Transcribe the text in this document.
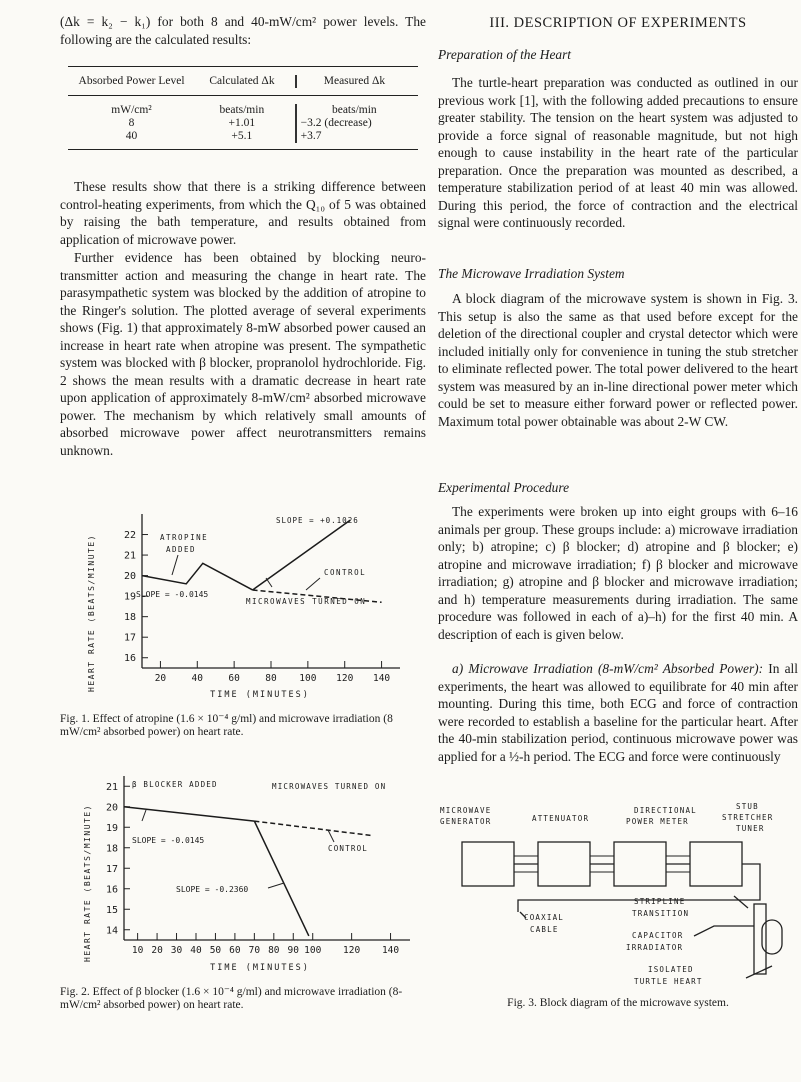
(Δk = k₂ − k₁) for both 8 and 40-mW/cm² power levels. The following are the calculated results:

Absorbed Power Level	Calculated Δk	Measured Δk
mW/cm²	beats/min	beats/min
8	+1.01	−3.2 (decrease)
40	+5.1	+3.7

These results show that there is a striking difference between control-heating experiments, from which the Q₁₀ of 5 was obtained by raising the bath temperature, and results obtained from application of microwave power.

Further evidence has been obtained by blocking neuro-transmitter action and measuring the change in heart rate. The parasympathetic system was blocked by the addition of atropine to the Ringer's solution. The plotted average of several experiments shows (Fig. 1) that approximately 8-mW absorbed power caused an increase in heart rate when atropine was present. The sympathetic system was blocked with β blocker, propranolol hydrochloride. Fig. 2 shows the mean results with a dramatic decrease in heart rate upon application of approximately 8-mW/cm² absorbed microwave power. The mechanism by which relatively small amounts of absorbed microwave power affect neurotransmitters remains unknown.

Fig. 1. Effect of atropine (1.6 × 10⁻⁴ g/ml) and microwave irradiation (8 mW/cm² absorbed power) on heart rate.
Fig. 2. Effect of β blocker (1.6 × 10⁻⁴ g/ml) and microwave irradiation (8-mW/cm² absorbed power) on heart rate.
16
17
18
19
20
21
22
20	40	60	80 100 120 140
HEART RATE (BEATS/MINUTE)
TIME (MINUTES)
ATROPINE
ADDED
SLOPE = -0.0145
MICROWAVES TURNED ON
CONTROL
SLOPE = +0.1026
14
15
16
17
18
19
20
21
10 20 30 40 50 60 70 80 90 100 120 140
HEART RATE (BEATS/MINUTE)
TIME (MINUTES)
β BLOCKER ADDED	MICROWAVES TURNED ON
SLOPE = -0.0145
CONTROL
SLOPE = -0.2360
III. DESCRIPTION OF EXPERIMENTS
Preparation of the Heart

The turtle-heart preparation was conducted as outlined in our previous work [1], with the following added precautions to ensure greater stability. The tension on the heart system was adjusted to provide a force signal of reasonable magnitude, but not high enough to cause instability in the heart rate of the particular preparation. Once the preparation was mounted as described, a temperature stabilization period of at least 40 min was allowed. During this period, the force of contraction and the electrical signal were continuously recorded.

The Microwave Irradiation System

A block diagram of the microwave system is shown in Fig. 3. This setup is also the same as that used before except for the deletion of the directional coupler and crystal detector which were included initially only for convenience in tuning the stub stretcher to eliminate reflected power. The total power delivered to the heart system was measured by an in-line directional power meter which could be set to measure either forward power or reflected power. Maximum total power obtainable was about 2-W CW.

Experimental Procedure

The experiments were broken up into eight groups with 6–16 animals per group. These groups include: a) microwave irradiation only; b) atropine; c) β blocker; d) atropine and β blocker; e) atropine and microwave irradiation; f) β blocker and microwave irradiation; g) atropine and β blocker and microwave irradiation; and h) temperature measurements during irradiation. The same procedure was followed in each of a)–h) for the first 40 min. A description of each is given below.

a) Microwave Irradiation (8-mW/cm² Absorbed Power): In all experiments, the heart was allowed to equilibrate for 40 min after mounting. During this time, both ECG and force of contraction were recorded to establish a baseline for the particular heart. After the 40-min stabilization period, continuous microwave power was applied for a ½-h period. The ECG and force were continuously

Fig. 3. Block diagram of the microwave system.
MICROWAVE
GENERATOR	ATTENUATOR
DIRECTIONAL
POWER METER
STUB
STRETCHER
TUNER
STRIPLINE
TRANSITION
COAXIAL
CABLE
CAPACITOR
IRRADIATOR
ISOLATED
TURTLE HEART
